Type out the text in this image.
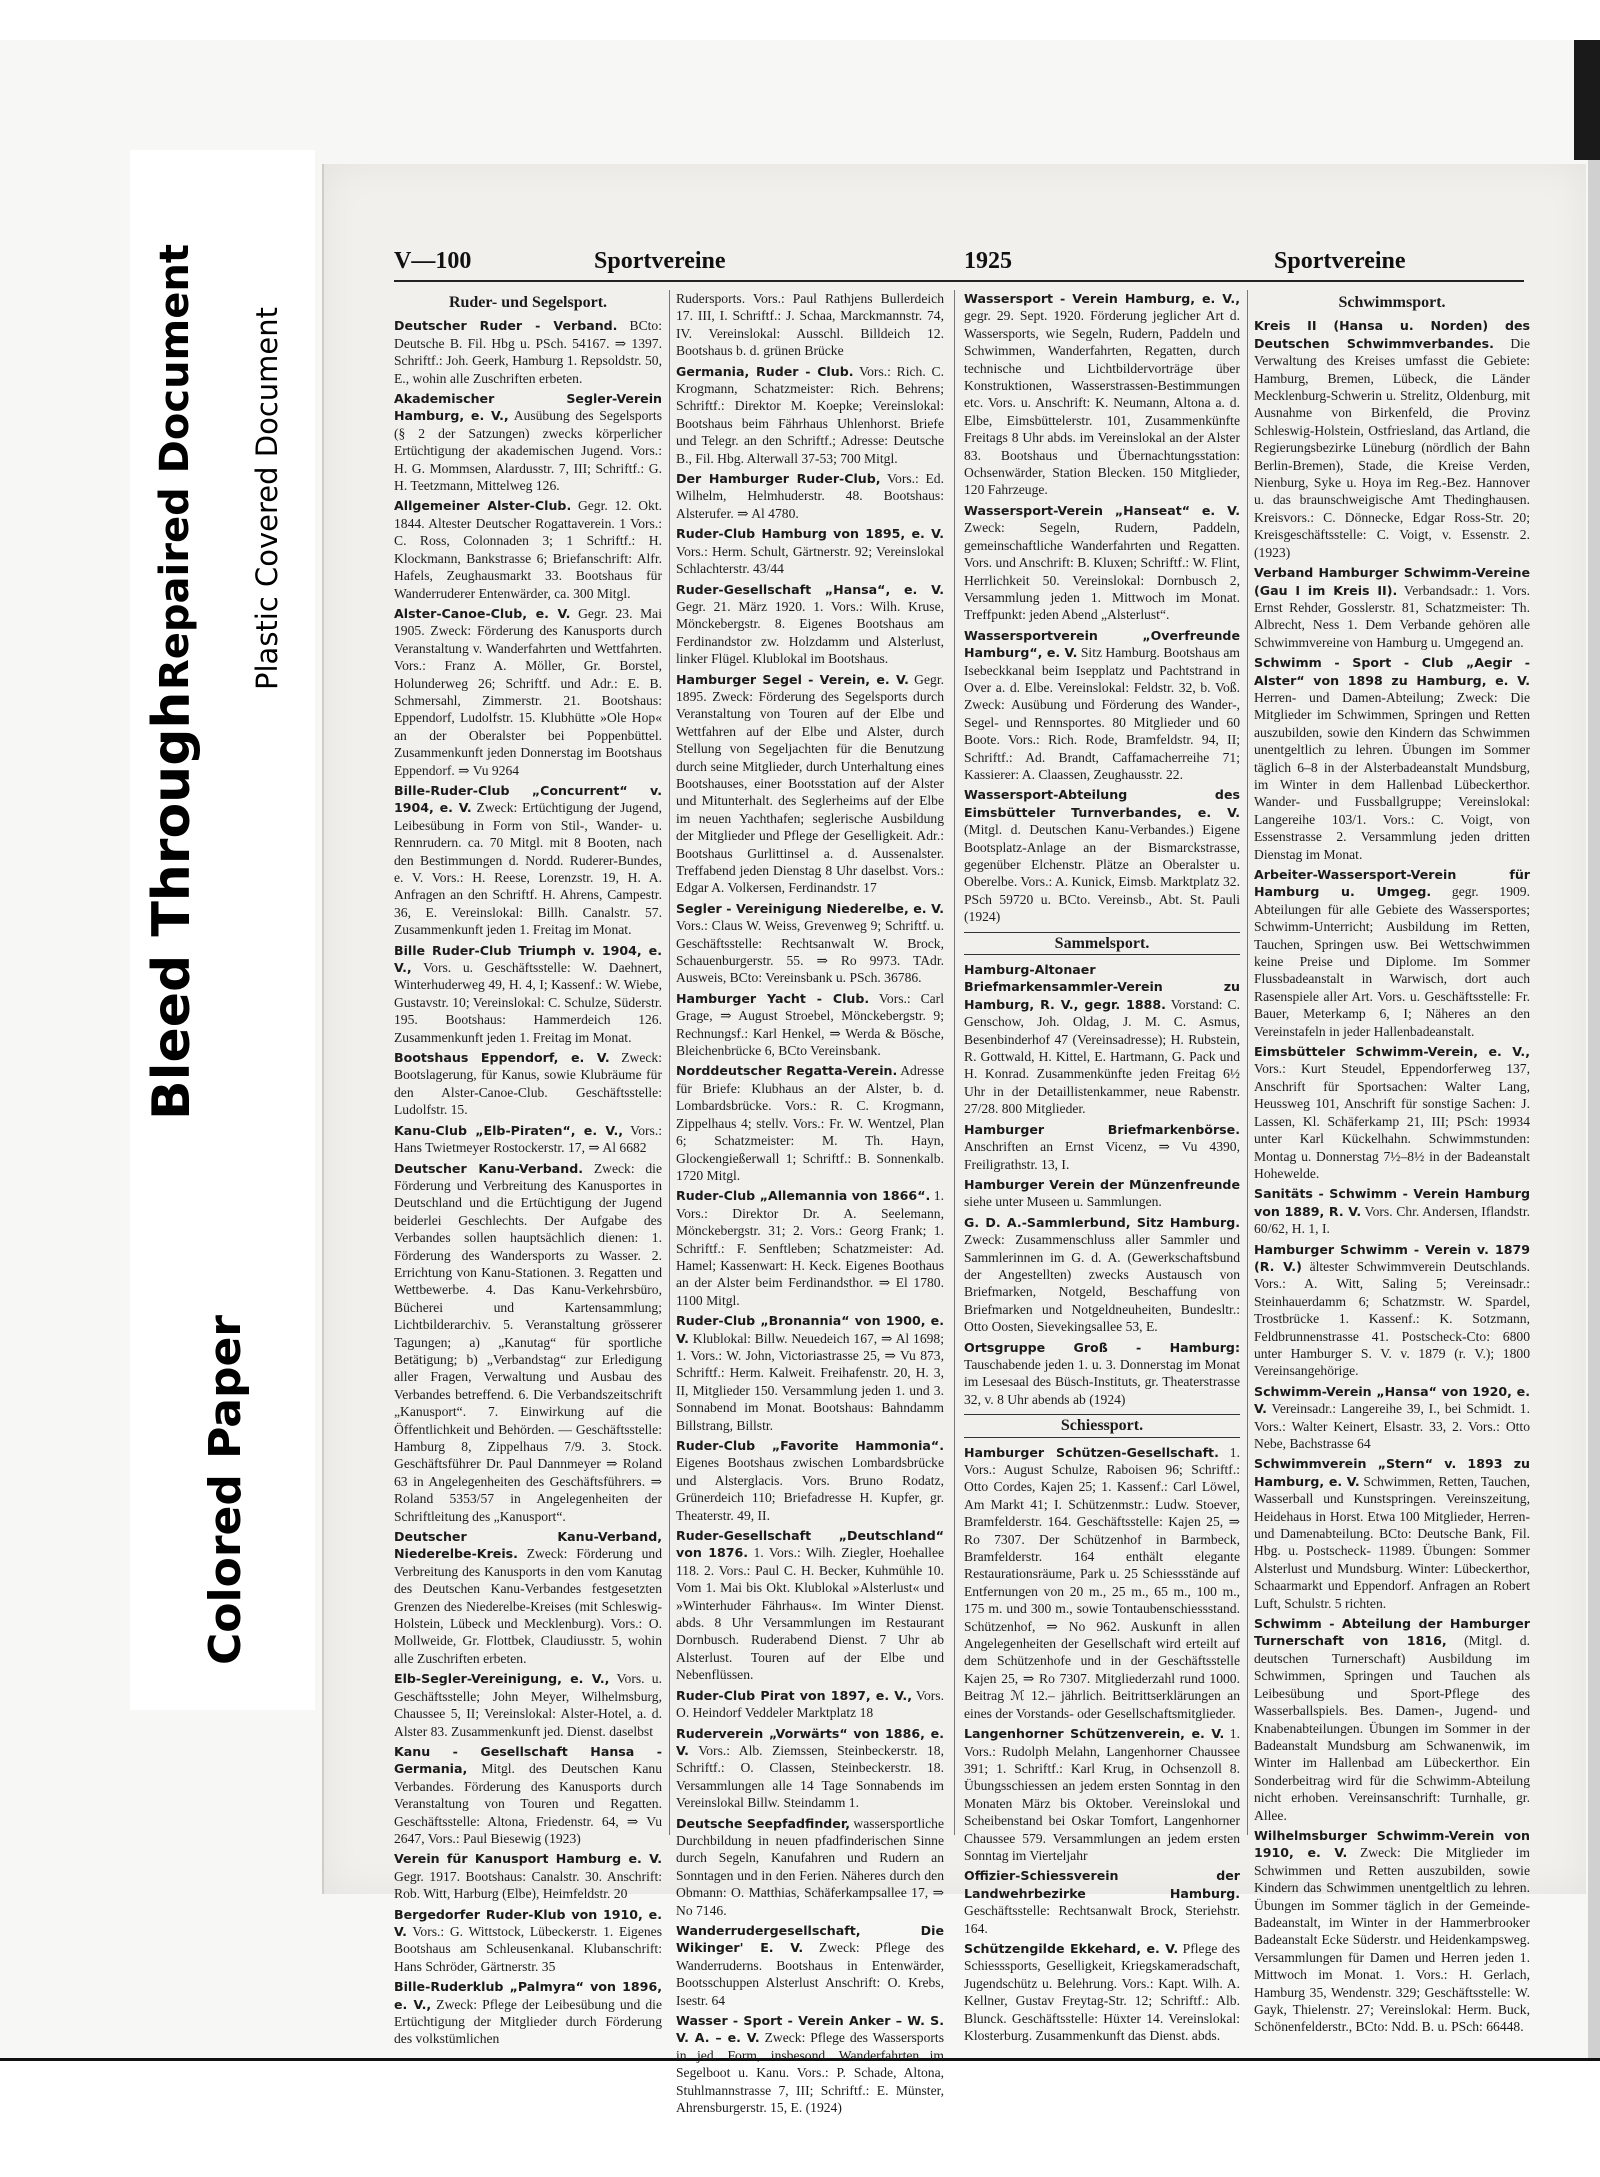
Colored Paper
Bleed Through
Repaired Document Plastic Covered Document
V—100	Sportvereine	1925	Sportvereine
Ruder- und Segelsport.
Deutscher Ruder - Verband. BCto: Deutsche B. Fil. Hbg u. PSch. 54167. ⇒ 1397. Schriftf.: Joh. Geerk, Hamburg 1. Repsoldstr. 50, E., wohin alle Zuschriften erbeten.
Akademischer Segler-Verein Hamburg, e. V., Ausübung des Segelsports (§ 2 der Satzungen) zwecks körperlicher Ertüchtigung der akademischen Jugend. Vors.: H. G. Mommsen, Alardusstr. 7, III; Schriftf.: G. H. Teetzmann, Mittelweg 126.
Allgemeiner Alster-Club. Gegr. 12. Okt. 1844. Altester Deutscher Rogattaverein. 1 Vors.: C. Ross, Colonnaden 3; 1 Schriftf.: H. Klockmann, Bankstrasse 6; Briefanschrift: Alfr. Hafels, Zeughausmarkt 33. Bootshaus für Wanderruderer Entenwärder, ca. 300 Mitgl.
Alster-Canoe-Club, e. V. Gegr. 23. Mai 1905. Zweck: Förderung des Kanusports durch Veranstaltung v. Wanderfahrten und Wettfahrten. Vors.: Franz A. Möller, Gr. Borstel, Holunderweg 26; Schriftf. und Adr.: E. B. Schmersahl, Zimmerstr. 21. Bootshaus: Eppendorf, Ludolfstr. 15. Klubhütte »Ole Hop« an der Oberalster bei Poppenbüttel. Zusammenkunft jeden Donnerstag im Bootshaus Eppendorf. ⇒ Vu 9264
Bille-Ruder-Club „Concurrent“ v. 1904, e. V. Zweck: Ertüchtigung der Jugend, Leibesübung in Form von Stil-, Wander- u. Rennrudern. ca. 70 Mitgl. mit 8 Booten, nach den Bestimmungen d. Nordd. Ruderer-Bundes, e. V. Vors.: H. Reese, Lorenzstr. 19, H. A. Anfragen an den Schriftf. H. Ahrens, Campestr. 36, E. Vereinslokal: Billh. Canalstr. 57. Zusammenkunft jeden 1. Freitag im Monat.
Bille Ruder-Club Triumph v. 1904, e. V., Vors. u. Geschäftsstelle: W. Daehnert, Winterhuderweg 49, H. 4, I; Kassenf.: W. Wiebe, Gustavstr. 10; Vereinslokal: C. Schulze, Süderstr. 195. Bootshaus: Hammerdeich 126. Zusammenkunft jeden 1. Freitag im Monat.
Bootshaus Eppendorf, e. V. Zweck: Bootslagerung, für Kanus, sowie Klubräume für den Alster-Canoe-Club. Geschäftsstelle: Ludolfstr. 15.
Kanu-Club „Elb-Piraten“, e. V., Vors.: Hans Twietmeyer Rostockerstr. 17, ⇒ Al 6682
Deutscher Kanu-Verband. Zweck: die Förderung und Verbreitung des Kanusportes in Deutschland und die Ertüchtigung der Jugend beiderlei Geschlechts. Der Aufgabe des Verbandes sollen hauptsächlich dienen: 1. Förderung des Wandersports zu Wasser. 2. Errichtung von Kanu-Stationen. 3. Regatten und Wettbewerbe. 4. Das Kanu-Verkehrsbüro, Bücherei und Kartensammlung; Lichtbilderarchiv. 5. Veranstaltung grösserer Tagungen; a) „Kanutag“ für sportliche Betätigung; b) „Verbandstag“ zur Erledigung aller Fragen, Verwaltung und Ausbau des Verbandes betreffend. 6. Die Verbandszeitschrift „Kanusport“. 7. Einwirkung auf die Öffentlichkeit und Behörden. — Geschäftsstelle: Hamburg 8, Zippelhaus 7/9. 3. Stock. Geschäftsführer Dr. Paul Dannmeyer ⇒ Roland 63 in Angelegenheiten des Geschäftsführers. ⇒ Roland 5353/57 in Angelegenheiten der Schriftleitung des „Kanusport“.
Deutscher Kanu-Verband, Niederelbe-Kreis. Zweck: Förderung und Verbreitung des Kanusports in den vom Kanutag des Deutschen Kanu-Verbandes festgesetzten Grenzen des Niederelbe-Kreises (mit Schleswig-Holstein, Lübeck und Mecklenburg). Vors.: O. Mollweide, Gr. Flottbek, Claudiusstr. 5, wohin alle Zuschriften erbeten.
Elb-Segler-Vereinigung, e. V., Vors. u. Geschäftsstelle; John Meyer, Wilhelmsburg, Chaussee 5, II; Vereinslokal: Alster-Hotel, a. d. Alster 83. Zusammenkunft jed. Dienst. daselbst
Kanu - Gesellschaft Hansa - Germania, Mitgl. des Deutschen Kanu Verbandes. Förderung des Kanusports durch Veranstaltung von Touren und Regatten. Geschäftsstelle: Altona, Friedenstr. 64, ⇒ Vu 2647, Vors.: Paul Biesewig (1923)
Verein für Kanusport Hamburg e. V. Gegr. 1917. Bootshaus: Canalstr. 30. Anschrift: Rob. Witt, Harburg (Elbe), Heimfeldstr. 20
Bergedorfer Ruder-Klub von 1910, e. V. Vors.: G. Wittstock, Lübeckerstr. 1. Eigenes Bootshaus am Schleusenkanal. Klubanschrift: Hans Schröder, Gärtnerstr. 35
Bille-Ruderklub „Palmyra“ von 1896, e. V., Zweck: Pflege der Leibesübung und die Ertüchtigung der Mitglieder durch Förderung des volkstümlichen
Rudersports. Vors.: Paul Rathjens Bullerdeich 17. III, I. Schriftf.: J. Schaa, Marckmannstr. 74, IV. Vereinslokal: Ausschl. Billdeich 12. Bootshaus b. d. grünen Brücke
Germania, Ruder - Club. Vors.: Rich. C. Krogmann, Schatzmeister: Rich. Behrens; Schriftf.: Direktor M. Koepke; Vereinslokal: Bootshaus beim Fährhaus Uhlenhorst. Briefe und Telegr. an den Schriftf.; Adresse: Deutsche B., Fil. Hbg. Alterwall 37-53; 700 Mitgl.
Der Hamburger Ruder-Club, Vors.: Ed. Wilhelm, Helmhuderstr. 48. Bootshaus: Alsterufer. ⇒ Al 4780.
Ruder-Club Hamburg von 1895, e. V. Vors.: Herm. Schult, Gärtnerstr. 92; Vereinslokal Schlachterstr. 43/44
Ruder-Gesellschaft „Hansa“, e. V. Gegr. 21. März 1920. 1. Vors.: Wilh. Kruse, Mönckebergstr. 8. Eigenes Bootshaus am Ferdinandstor zw. Holzdamm und Alsterlust, linker Flügel. Klublokal im Bootshaus.
Hamburger Segel - Verein, e. V. Gegr. 1895. Zweck: Förderung des Segelsports durch Veranstaltung von Touren auf der Elbe und Wettfahren auf der Elbe und Alster, durch Stellung von Segeljachten für die Benutzung durch seine Mitglieder, durch Unterhaltung eines Bootshauses, einer Bootsstation auf der Alster und Mitunterhalt. des Seglerheims auf der Elbe im neuen Yachthafen; seglerische Ausbildung der Mitglieder und Pflege der Geselligkeit. Adr.: Bootshaus Gurlittinsel a. d. Aussenalster. Treffabend jeden Dienstag 8 Uhr daselbst. Vors.: Edgar A. Volkersen, Ferdinandstr. 17
Segler - Vereinigung Niederelbe, e. V. Vors.: Claus W. Weiss, Grevenweg 9; Schriftf. u. Geschäftsstelle: Rechtsanwalt W. Brock, Schauenburgerstr. 55. ⇒ Ro 9973. TAdr. Ausweis, BCto: Vereinsbank u. PSch. 36786.
Hamburger Yacht - Club. Vors.: Carl Grage, ⇒ August Stroebel, Mönckebergstr. 9; Rechnungsf.: Karl Henkel, ⇒ Werda & Bösche, Bleichenbrücke 6, BCto Vereinsbank.
Norddeutscher Regatta-Verein. Adresse für Briefe: Klubhaus an der Alster, b. d. Lombardsbrücke. Vors.: R. C. Krogmann, Zippelhaus 4; stellv. Vors.: Fr. W. Wentzel, Plan 6; Schatzmeister: M. Th. Hayn, Glockengießerwall 1; Schriftf.: B. Sonnenkalb. 1720 Mitgl.
Ruder-Club „Allemannia von 1866“. 1. Vors.: Direktor Dr. A. Seelemann, Mönckebergstr. 31; 2. Vors.: Georg Frank; 1. Schriftf.: F. Senftleben; Schatzmeister: Ad. Hamel; Kassenwart: H. Keck. Eigenes Boothaus an der Alster beim Ferdinandsthor. ⇒ El 1780. 1100 Mitgl.
Ruder-Club „Bronannia“ von 1900, e. V. Klublokal: Billw. Neuedeich 167, ⇒ Al 1698; 1. Vors.: W. John, Victoriastrasse 25, ⇒ Vu 873, Schriftf.: Herm. Kalweit. Freihafenstr. 20, H. 3, II, Mitglieder 150. Versammlung jeden 1. und 3. Sonnabend im Monat. Bootshaus: Bahndamm Billstrang, Billstr.
Ruder-Club „Favorite Hammonia“. Eigenes Bootshaus zwischen Lombardsbrücke und Alsterglacis. Vors. Bruno Rodatz, Grünerdeich 110; Briefadresse H. Kupfer, gr. Theaterstr. 49, II.
Ruder-Gesellschaft „Deutschland“ von 1876. 1. Vors.: Wilh. Ziegler, Hoehallee 118. 2. Vors.: Paul C. H. Becker, Kuhmühle 10. Vom 1. Mai bis Okt. Klublokal »Alsterlust« und »Winterhuder Fährhaus«. Im Winter Dienst. abds. 8 Uhr Versammlungen im Restaurant Dornbusch. Ruderabend Dienst. 7 Uhr ab Alsterlust. Touren auf der Elbe und Nebenflüssen.
Ruder-Club Pirat von 1897, e. V., Vors. O. Heindorf Veddeler Marktplatz 18
Ruderverein „Vorwärts“ von 1886, e. V. Vors.: Alb. Ziemssen, Steinbeckerstr. 18, Schriftf.: O. Classen, Steinbeckerstr. 18. Versammlungen alle 14 Tage Sonnabends im Vereinslokal Billw. Steindamm 1.
Deutsche Seepfadfinder, wassersportliche Durchbildung in neuen pfadfinderischen Sinne durch Segeln, Kanufahren und Rudern an Sonntagen und in den Ferien. Näheres durch den Obmann: O. Matthias, Schäferkampsallee 17, ⇒ No 7146.
Wanderrudergesellschaft, Die Wikinger' E. V. Zweck: Pflege des Wanderruderns. Bootshaus in Entenwärder, Bootsschuppen Alsterlust Anschrift: O. Krebs, Isestr. 64
Wasser - Sport - Verein Anker – W. S. V. A. – e. V. Zweck: Pflege des Wassersports in jed. Form, insbesond. Wanderfahrten im Segelboot u. Kanu. Vors.: P. Schade, Altona, Stuhlmannstrasse 7, III; Schriftf.: E. Münster, Ahrensburgerstr. 15, E. (1924)
Wassersport - Verein Hamburg, e. V., gegr. 29. Sept. 1920. Förderung jeglicher Art d. Wassersports, wie Segeln, Rudern, Paddeln und Schwimmen, Wanderfahrten, Regatten, durch technische und Lichtbildervorträge über Konstruktionen, Wasserstrassen-Bestimmungen etc. Vors. u. Anschrift: K. Neumann, Altona a. d. Elbe, Eimsbüttelerstr. 101, Zusammenkünfte Freitags 8 Uhr abds. im Vereinslokal an der Alster 83. Bootshaus und Übernachtungsstation: Ochsenwärder, Station Blecken. 150 Mitglieder, 120 Fahrzeuge.
Wassersport-Verein „Hanseat“ e. V. Zweck: Segeln, Rudern, Paddeln, gemeinschaftliche Wanderfahrten und Regatten. Vors. und Anschrift: B. Kluxen; Schriftf.: W. Flint, Herrlichkeit 50. Vereinslokal: Dornbusch 2, Versammlung jeden 1. Mittwoch im Monat. Treffpunkt: jeden Abend „Alsterlust“.
Wassersportverein „Overfreunde Hamburg“, e. V. Sitz Hamburg. Bootshaus am Isebeckkanal beim Isepplatz und Pachtstrand in Over a. d. Elbe. Vereinslokal: Feldstr. 32, b. Voß. Zweck: Ausübung und Förderung des Wander-, Segel- und Rennsportes. 80 Mitglieder und 60 Boote. Vors.: Rich. Rode, Bramfeldstr. 94, II; Schriftf.: Ad. Brandt, Caffamacherreihe 71; Kassierer: A. Claassen, Zeughausstr. 22.
Wassersport-Abteilung des Eimsbütteler Turnverbandes, e. V. (Mitgl. d. Deutschen Kanu-Verbandes.) Eigene Bootsplatz-Anlage an der Bismarckstrasse, gegenüber Elchenstr. Plätze an Oberalster u. Oberelbe. Vors.: A. Kunick, Eimsb. Marktplatz 32. PSch 59720 u. BCto. Vereinsb., Abt. St. Pauli (1924)
Sammelsport.
Hamburg-Altonaer Briefmarkensammler-Verein zu Hamburg, R. V., gegr. 1888. Vorstand: C. Genschow, Joh. Oldag, J. M. C. Asmus, Besenbinderhof 47 (Vereinsadresse); H. Rubstein, R. Gottwald, H. Kittel, E. Hartmann, G. Pack und H. Konrad. Zusammenkünfte jeden Freitag 6½ Uhr in der Detaillistenkammer, neue Rabenstr. 27/28. 800 Mitglieder.
Hamburger Briefmarkenbörse. Anschriften an Ernst Vicenz, ⇒ Vu 4390, Freiligrathstr. 13, I.
Hamburger Verein der Münzenfreunde siehe unter Museen u. Sammlungen.
G. D. A.-Sammlerbund, Sitz Hamburg. Zweck: Zusammenschluss aller Sammler und Sammlerinnen im G. d. A. (Gewerkschaftsbund der Angestellten) zwecks Austausch von Briefmarken, Notgeld, Beschaffung von Briefmarken und Notgeldneuheiten, Bundesltr.: Otto Oosten, Sievekingsallee 53, E.
Ortsgruppe Groß - Hamburg: Tauschabende jeden 1. u. 3. Donnerstag im Monat im Lesesaal des Büsch-Instituts, gr. Theaterstrasse 32, v. 8 Uhr abends ab (1924)
Schiessport.
Hamburger Schützen-Gesellschaft. 1. Vors.: August Schulze, Raboisen 96; Schriftf.: Otto Cordes, Kajen 25; 1. Kassenf.: Carl Löwel, Am Markt 41; I. Schützenmstr.: Ludw. Stoever, Bramfelderstr. 164. Geschäftsstelle: Kajen 25, ⇒ Ro 7307. Der Schützenhof in Barmbeck, Bramfelderstr. 164 enthält elegante Restaurationsräume, Park u. 25 Schiessstände auf Entfernungen von 20 m., 25 m., 65 m., 100 m., 175 m. und 300 m., sowie Tontaubenschiessstand. Schützenhof, ⇒ No 962. Auskunft in allen Angelegenheiten der Gesellschaft wird erteilt auf dem Schützenhofe und in der Geschäftsstelle Kajen 25, ⇒ Ro 7307. Mitgliederzahl rund 1000. Beitrag ℳ 12.– jährlich. Beitrittserklärungen an eines der Vorstands- oder Gesellschaftsmitglieder.
Langenhorner Schützenverein, e. V. 1. Vors.: Rudolph Melahn, Langenhorner Chaussee 391; 1. Schriftf.: Karl Krug, in Ochsenzoll 8. Übungsschiessen an jedem ersten Sonntag in den Monaten März bis Oktober. Vereinslokal und Scheibenstand bei Oskar Tomfort, Langenhorner Chaussee 579. Versammlungen an jedem ersten Sonntag im Vierteljahr
Offizier-Schiessverein der Landwehrbezirke Hamburg. Geschäftsstelle: Rechtsanwalt Brock, Steriehstr. 164.
Schützengilde Ekkehard, e. V. Pflege des Schiesssports, Geselligkeit, Kriegskameradschaft, Jugendschütz u. Belehrung. Vors.: Kapt. Wilh. A. Kellner, Gustav Freytag-Str. 12; Schriftf.: Alb. Blunck. Geschäftsstelle: Hüxter 14. Vereinslokal: Klosterburg. Zusammenkunft das Dienst. abds.
Schwimmsport.
Kreis II (Hansa u. Norden) des Deutschen Schwimmverbandes. Die Verwaltung des Kreises umfasst die Gebiete: Hamburg, Bremen, Lübeck, die Länder Mecklenburg-Schwerin u. Strelitz, Oldenburg, mit Ausnahme von Birkenfeld, die Provinz Schleswig-Holstein, Ostfriesland, das Artland, die Regierungsbezirke Lüneburg (nördlich der Bahn Berlin-Bremen), Stade, die Kreise Verden, Nienburg, Syke u. Hoya im Reg.-Bez. Hannover u. das braunschweigische Amt Thedinghausen. Kreisvors.: C. Dönnecke, Edgar Ross-Str. 20; Kreisgeschäftsstelle: C. Voigt, v. Essenstr. 2. (1923)
Verband Hamburger Schwimm-Vereine (Gau I im Kreis II). Verbandsadr.: 1. Vors. Ernst Rehder, Gosslerstr. 81, Schatzmeister: Th. Albrecht, Ness 1. Dem Verbande gehören alle Schwimmvereine von Hamburg u. Umgegend an.
Schwimm - Sport - Club „Aegir - Alster“ von 1898 zu Hamburg, e. V. Herren- und Damen-Abteilung; Zweck: Die Mitglieder im Schwimmen, Springen und Retten auszubilden, sowie den Kindern das Schwimmen unentgeltlich zu lehren. Übungen im Sommer täglich 6–8 in der Alsterbadeanstalt Mundsburg, im Winter in dem Hallenbad Lübeckerthor. Wander- und Fussballgruppe; Vereinslokal: Langereihe 103/1. Vors.: C. Voigt, von Essenstrasse 2. Versammlung jeden dritten Dienstag im Monat.
Arbeiter-Wassersport-Verein für Hamburg u. Umgeg. gegr. 1909. Abteilungen für alle Gebiete des Wassersportes; Schwimm-Unterricht; Ausbildung im Retten, Tauchen, Springen usw. Bei Wettschwimmen keine Preise und Diplome. Im Sommer Flussbadeanstalt in Warwisch, dort auch Rasenspiele aller Art. Vors. u. Geschäftsstelle: Fr. Bauer, Meterkamp 6, I; Näheres an den Vereinstafeln in jeder Hallenbadeanstalt.
Eimsbütteler Schwimm-Verein, e. V., Vors.: Kurt Steudel, Eppendorferweg 137, Anschrift für Sportsachen: Walter Lang, Heussweg 101, Anschrift für sonstige Sachen: J. Lassen, Kl. Schäferkamp 21, III; PSch: 19934 unter Karl Kückelhahn. Schwimmstunden: Montag u. Donnerstag 7½–8½ in der Badeanstalt Hohewelde.
Sanitäts - Schwimm - Verein Hamburg von 1889, R. V. Vors. Chr. Andersen, Iflandstr. 60/62, H. 1, I.
Hamburger Schwimm - Verein v. 1879 (R. V.) ältester Schwimmverein Deutschlands. Vors.: A. Witt, Saling 5; Vereinsadr.: Steinhauerdamm 6; Schatzmstr. W. Spardel, Trostbrücke 1. Kassenf.: K. Sotzmann, Feldbrunnenstrasse 41. Postscheck-Cto: 6800 unter Hamburger S. V. v. 1879 (r. V.); 1800 Vereinsangehörige.
Schwimm-Verein „Hansa“ von 1920, e. V. Vereinsadr.: Langereihe 39, I., bei Schmidt. 1. Vors.: Walter Keinert, Elsastr. 33, 2. Vors.: Otto Nebe, Bachstrasse 64
Schwimmverein „Stern“ v. 1893 zu Hamburg, e. V. Schwimmen, Retten, Tauchen, Wasserball und Kunstspringen. Vereinszeitung, Heidehaus in Horst. Etwa 100 Mitglieder, Herren- und Damenabteilung. BCto: Deutsche Bank, Fil. Hbg. u. Postscheck- 11989. Übungen: Sommer Alsterlust und Mundsburg. Winter: Lübeckerthor, Schaarmarkt und Eppendorf. Anfragen an Robert Luft, Schulstr. 5 richten.
Schwimm - Abteilung der Hamburger Turnerschaft von 1816, (Mitgl. d. deutschen Turnerschaft) Ausbildung im Schwimmen, Springen und Tauchen als Leibesübung und Sport-Pflege des Wasserballspiels. Bes. Damen-, Jugend- und Knabenabteilungen. Übungen im Sommer in der Badeanstalt Mundsburg am Schwanenwik, im Winter im Hallenbad am Lübeckerthor. Ein Sonderbeitrag wird für die Schwimm-Abteilung nicht erhoben. Vereinsanschrift: Turnhalle, gr. Allee.
Wilhelmsburger Schwimm-Verein von 1910, e. V. Zweck: Die Mitglieder im Schwimmen und Retten auszubilden, sowie Kindern das Schwimmen unentgeltlich zu lehren. Übungen im Sommer täglich in der Gemeinde-Badeanstalt, im Winter in der Hammerbrooker Badeanstalt Ecke Süderstr. und Heidenkampsweg. Versammlungen für Damen und Herren jeden 1. Mittwoch im Monat. 1. Vors.: H. Gerlach, Hamburg 35, Wendenstr. 329; Geschäftsstelle: W. Gayk, Thielenstr. 27; Vereinslokal: Herm. Buck, Schönenfelderstr., BCto: Ndd. B. u. PSch: 66448.
